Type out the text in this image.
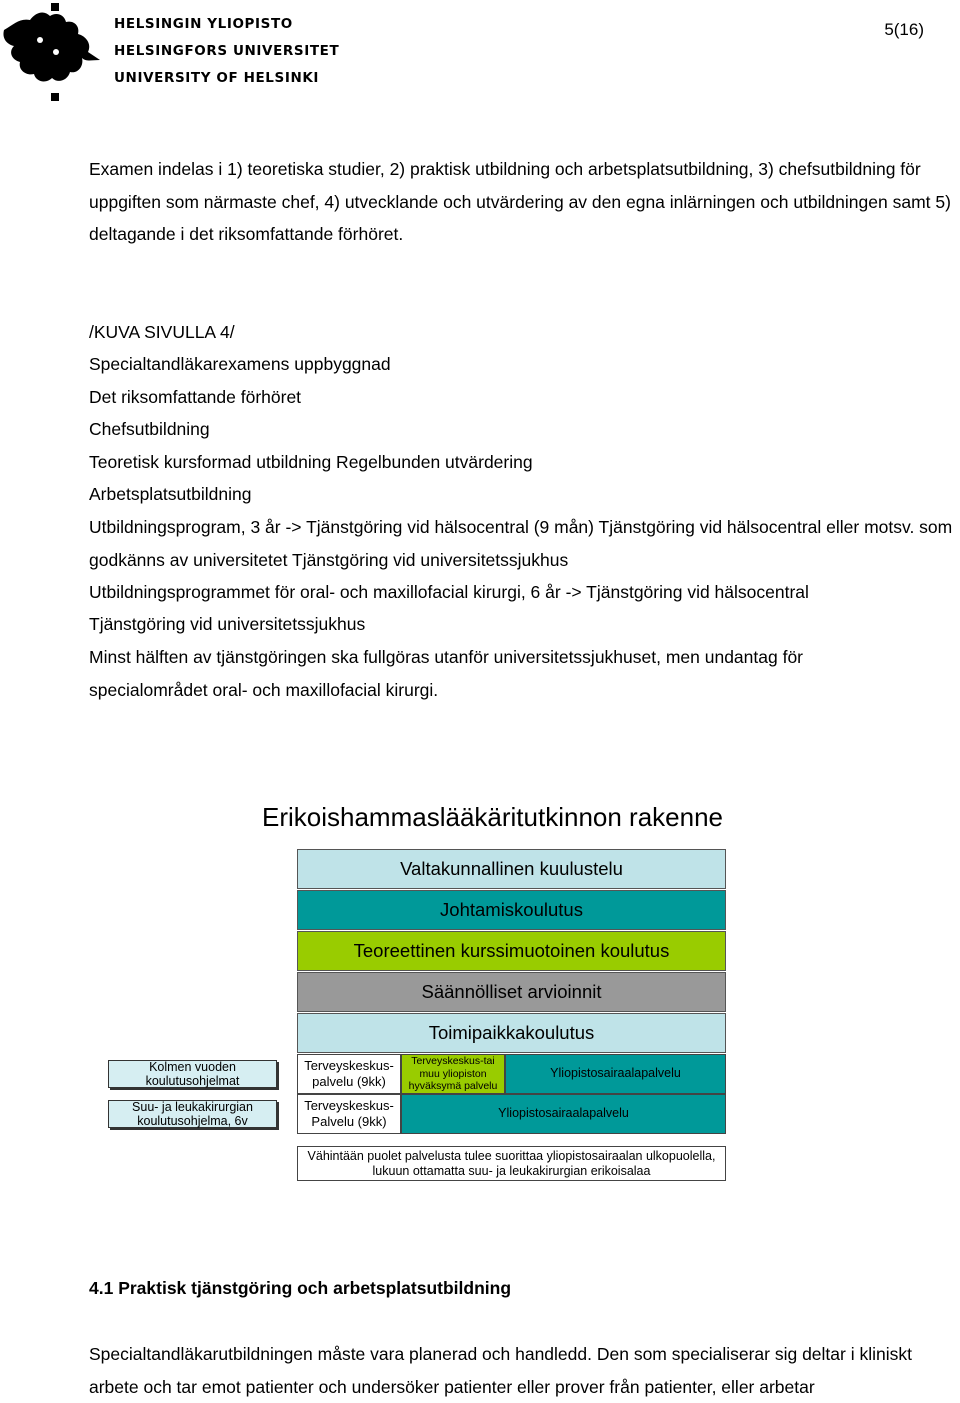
HELSINGIN YLIOPISTO
HELSINGFORS UNIVERSITET
UNIVERSITY OF HELSINKI
5(16)
Examen indelas i 1) teoretiska studier, 2) praktisk utbildning och arbetsplatsutbildning, 3) chefsutbildning för uppgiften som närmaste chef, 4) utvecklande och utvärdering av den egna inlärningen och utbildningen samt 5) deltagande i det riksomfattande förhöret.
/KUVA SIVULLA 4/
Specialtandläkarexamens uppbyggnad
Det riksomfattande förhöret
Chefsutbildning
Teoretisk kursformad utbildning Regelbunden utvärdering
Arbetsplatsutbildning
Utbildningsprogram, 3 år -> Tjänstgöring vid hälsocentral (9 mån) Tjänstgöring vid hälsocentral eller motsv. som godkänns av universitetet Tjänstgöring vid universitetssjukhus
Utbildningsprogrammet för oral- och maxillofacial kirurgi, 6 år -> Tjänstgöring vid hälsocentral
Tjänstgöring vid universitetssjukhus
Minst hälften av tjänstgöringen ska fullgöras utanför universitetssjukhuset, men undantag för specialområdet oral- och maxillofacial kirurgi.
Erikoishammaslääkäritutkinnon rakenne
Valtakunnallinen kuulustelu
Johtamiskoulutus
Teoreettinen kurssimuotoinen koulutus
Säännölliset arvioinnit
Toimipaikkakoulutus
Kolmen vuoden koulutusohjelmat
Suu- ja leukakirurgian koulutusohjelma, 6v
Terveyskeskus-palvelu (9kk)
Terveyskeskus-tai muu yliopiston hyväksymä palvelu
Yliopistosairaalapalvelu
Terveyskeskus-Palvelu (9kk)
Yliopistosairaalapalvelu
Vähintään puolet palvelusta tulee suorittaa yliopistosairaalan ulkopuolella, lukuun ottamatta suu- ja leukakirurgian erikoisalaa
4.1 Praktisk tjänstgöring och arbetsplatsutbildning
Specialtandläkarutbildningen måste vara planerad och handledd. Den som specialiserar sig deltar i kliniskt arbete och tar emot patienter och undersöker patienter eller prover från patienter, eller arbetar
